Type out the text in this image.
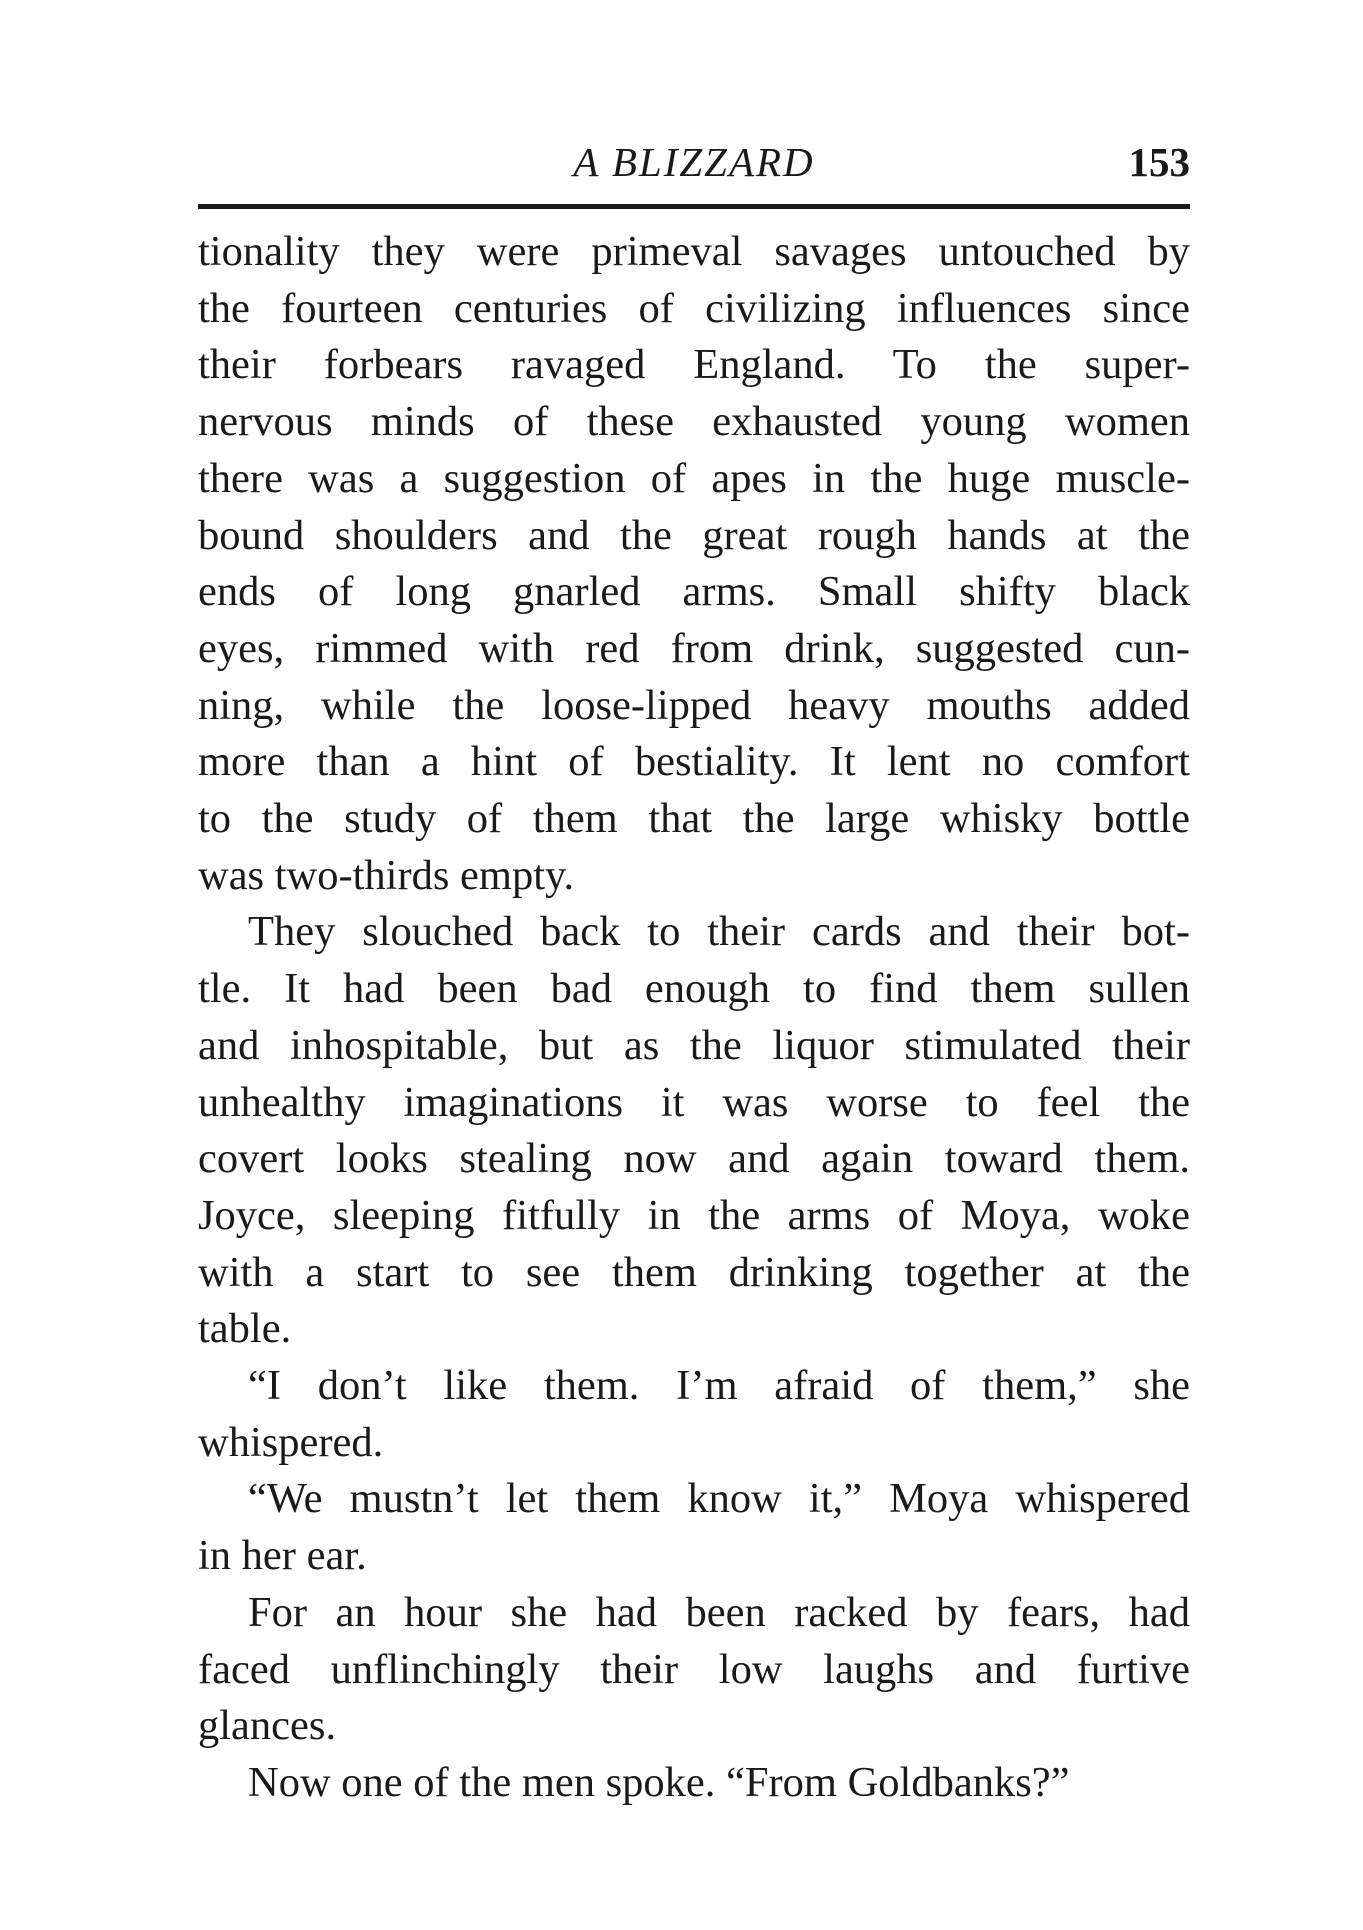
A BLIZZARD	153

tionality they were primeval savages untouched by
the fourteen centuries of civilizing influences since
their forbears ravaged England. To the super-
nervous minds of these exhausted young women
there was a suggestion of apes in the huge muscle-
bound shoulders and the great rough hands at the
ends of long gnarled arms. Small shifty black
eyes, rimmed with red from drink, suggested cun-
ning, while the loose-lipped heavy mouths added
more than a hint of bestiality. It lent no comfort
to the study of them that the large whisky bottle
was two-thirds empty.

They slouched back to their cards and their bot-
tle. It had been bad enough to find them sullen
and inhospitable, but as the liquor stimulated their
unhealthy imaginations it was worse to feel the
covert looks stealing now and again toward them.
Joyce, sleeping fitfully in the arms of Moya, woke
with a start to see them drinking together at the
table.

“I don’t like them. I’m afraid of them,” she
whispered.

“We mustn’t let them know it,” Moya whispered
in her ear.

For an hour she had been racked by fears, had
faced unflinchingly their low laughs and furtive
glances.

Now one of the men spoke. “From Goldbanks?”
